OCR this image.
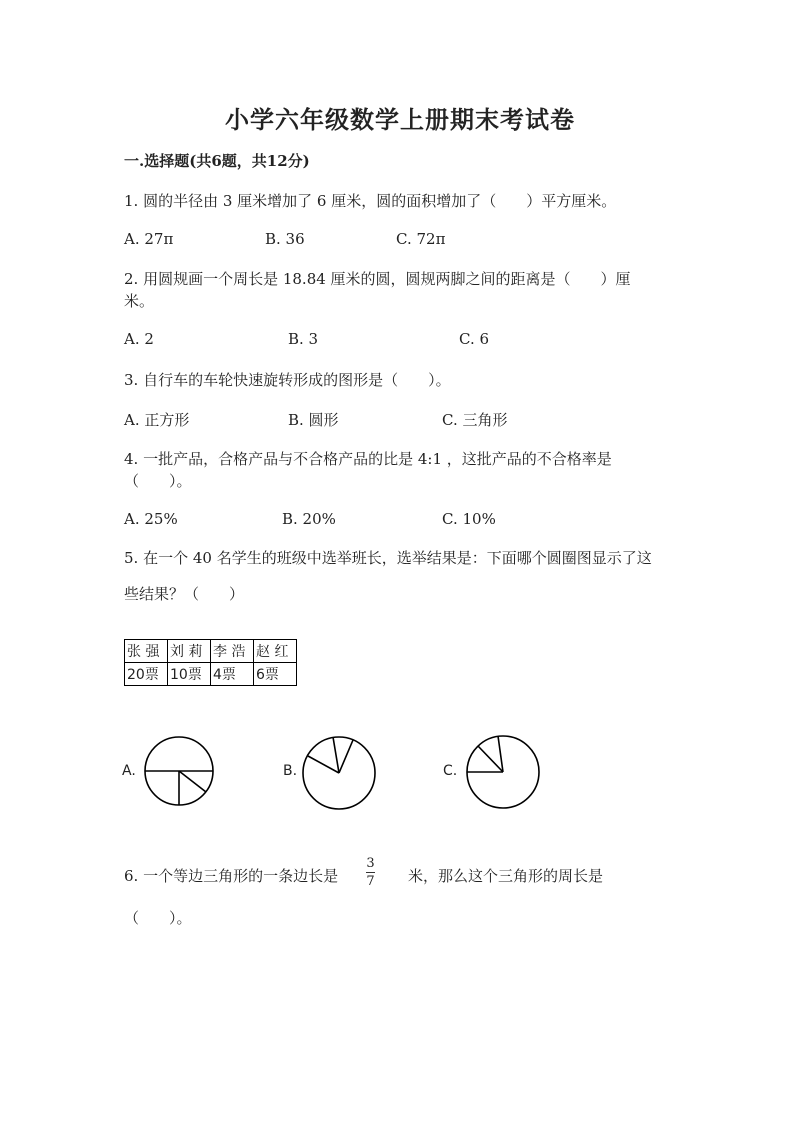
小学六年级数学上册期末考试卷
一.选择题(共6题，共12分)
1. 圆的半径由 3 厘米增加了 6 厘米，圆的面积增加了（　　）平方厘米。
A. 27π	B. 36	C. 72π
2. 用圆规画一个周长是 18.84 厘米的圆，圆规两脚之间的距离是（　　）厘
米。
A. 2	B. 3	C. 6
3. 自行车的车轮快速旋转形成的图形是（　　）。
A. 正方形	B. 圆形	C. 三角形
4. 一批产品，合格产品与不合格产品的比是 4:1 ，这批产品的不合格率是
（　　）。
A. 25%	B. 20%	C. 10%
5. 在一个 40 名学生的班级中选举班长，选举结果是：下面哪个圆圈图显示了这
些结果？（　　）
张 强	刘 莉	李 浩	赵 红
20票	10票	4票	6票
A.	B.	C.
6. 一个等边三角形的一条边长是
3
7 米，那么这个三角形的周长是
（　　）。
